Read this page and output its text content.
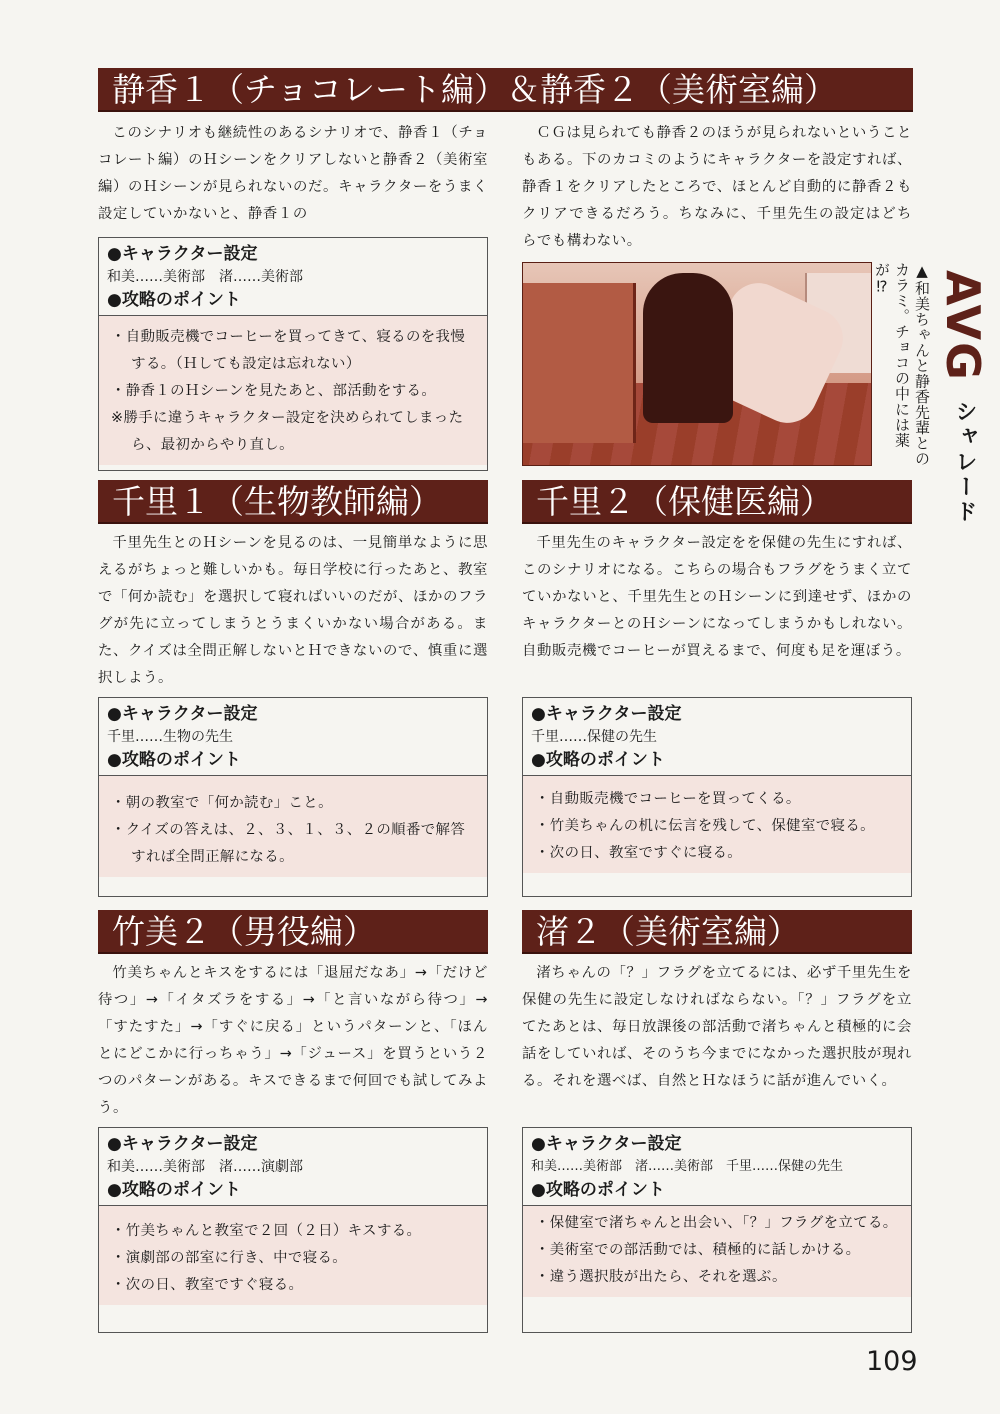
静香１（チョコレート編）＆静香２（美術室編）

このシナリオも継続性のあるシナリオで、静香１（チョコレート編）のＨシーンをクリアしないと静香２（美術室編）のＨシーンが見られないのだ。キャラクターをうまく設定していかないと、静香１の

ＣＧは見られても静香２のほうが見られないということもある。下のカコミのようにキャラクターを設定すれば、静香１をクリアしたところで、ほとんど自動的に静香２もクリアできるだろう。ちなみに、千里先生の設定はどちらでも構わない。

●キャラクター設定
和美……美術部　渚……美術部
●攻略のポイント
・自動販売機でコーヒーを買ってきて、寝るのを我慢する。（Ｈしても設定は忘れない）
・静香１のＨシーンを見たあと、部活動をする。
※勝手に違うキャラクター設定を決められてしまったら、最初からやり直し。	▲和美ちゃんと静香先輩とのカラミ。チョコの中には薬が⁉ AVG
シャレード
千里１（生物教師編）

千里先生とのＨシーンを見るのは、一見簡単なように思えるがちょっと難しいかも。毎日学校に行ったあと、教室で「何か読む」を選択して寝ればいいのだが、ほかのフラグが先に立ってしまうとうまくいかない場合がある。また、クイズは全問正解しないとＨできないので、慎重に選択しよう。

●キャラクター設定
千里……生物の先生
●攻略のポイント
・朝の教室で「何か読む」こと。
・クイズの答えは、２、３、１、３、２の順番で解答すれば全問正解になる。
千里２（保健医編）

千里先生のキャラクター設定をを保健の先生にすれば、このシナリオになる。こちらの場合もフラグをうまく立てていかないと、千里先生とのＨシーンに到達せず、ほかのキャラクターとのＨシーンになってしまうかもしれない。自動販売機でコーヒーが買えるまで、何度も足を運ぼう。

●キャラクター設定
千里……保健の先生
●攻略のポイント
・自動販売機でコーヒーを買ってくる。
・竹美ちゃんの机に伝言を残して、保健室で寝る。
・次の日、教室ですぐに寝る。
竹美２（男役編）

竹美ちゃんとキスをするには「退屈だなあ」→「だけど待つ」→「イタズラをする」→「と言いながら待つ」→「すたすた」→「すぐに戻る」というパターンと、「ほんとにどこかに行っちゃう」→「ジュース」を買うという２つのパターンがある。キスできるまで何回でも試してみよう。

●キャラクター設定
和美……美術部　渚……演劇部
●攻略のポイント
・竹美ちゃんと教室で２回（２日）キスする。
・演劇部の部室に行き、中で寝る。
・次の日、教室ですぐ寝る。
渚２（美術室編）

渚ちゃんの「？」フラグを立てるには、必ず千里先生を保健の先生に設定しなければならない。「？」フラグを立てたあとは、毎日放課後の部活動で渚ちゃんと積極的に会話をしていれば、そのうち今までになかった選択肢が現れる。それを選べば、自然とＨなほうに話が進んでいく。

●キャラクター設定
和美……美術部　渚……美術部　千里……保健の先生
●攻略のポイント
・保健室で渚ちゃんと出会い、「？」フラグを立てる。
・美術室での部活動では、積極的に話しかける。
・違う選択肢が出たら、それを選ぶ。
109
